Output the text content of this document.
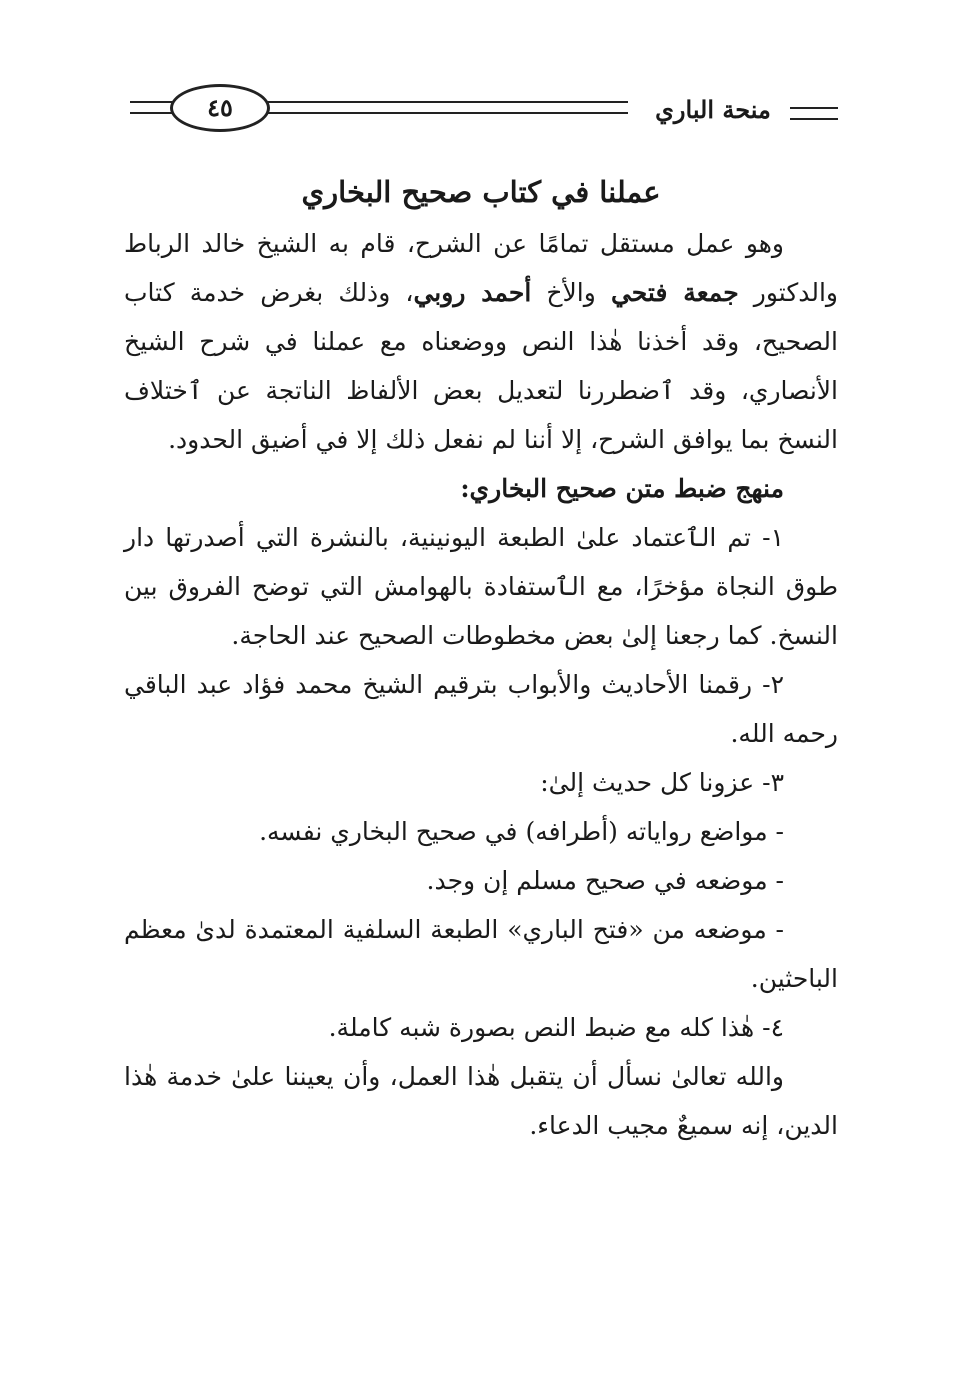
٤٥	منحة الباري

عملنا في كتاب صحيح البخاري

وهو عمل مستقل تمامًا عن الشرح، قام به الشيخ خالد الرباط والدكتور جمعة فتحي والأخ أحمد روبي، وذلك بغرض خدمة كتاب الصحيح، وقد أخذنا هٰذا النص ووضعناه مع عملنا في شرح الشيخ الأنصاري، وقد ٱضطررنا لتعديل بعض الألفاظ الناتجة عن ٱختلاف النسخ بما يوافق الشرح، إلا أننا لم نفعل ذلك إلا في أضيق الحدود.

منهج ضبط متن صحيح البخاري:

١- تم الٱعتماد علىٰ الطبعة اليونينية، بالنشرة التي أصدرتها دار طوق النجاة مؤخرًا، مع الٱستفادة بالهوامش التي توضح الفروق بين النسخ. كما رجعنا إلىٰ بعض مخطوطات الصحيح عند الحاجة.

٢- رقمنا الأحاديث والأبواب بترقيم الشيخ محمد فؤاد عبد الباقي رحمه الله.

٣- عزونا كل حديث إلىٰ:

- مواضع رواياته (أطرافه) في صحيح البخاري نفسه.

- موضعه في صحيح مسلم إن وجد.

- موضعه من «فتح الباري» الطبعة السلفية المعتمدة لدىٰ معظم الباحثين.

٤- هٰذا كله مع ضبط النص بصورة شبه كاملة.

والله تعالىٰ نسأل أن يتقبل هٰذا العمل، وأن يعيننا علىٰ خدمة هٰذا الدين، إنه سميعٌ مجيب الدعاء.
